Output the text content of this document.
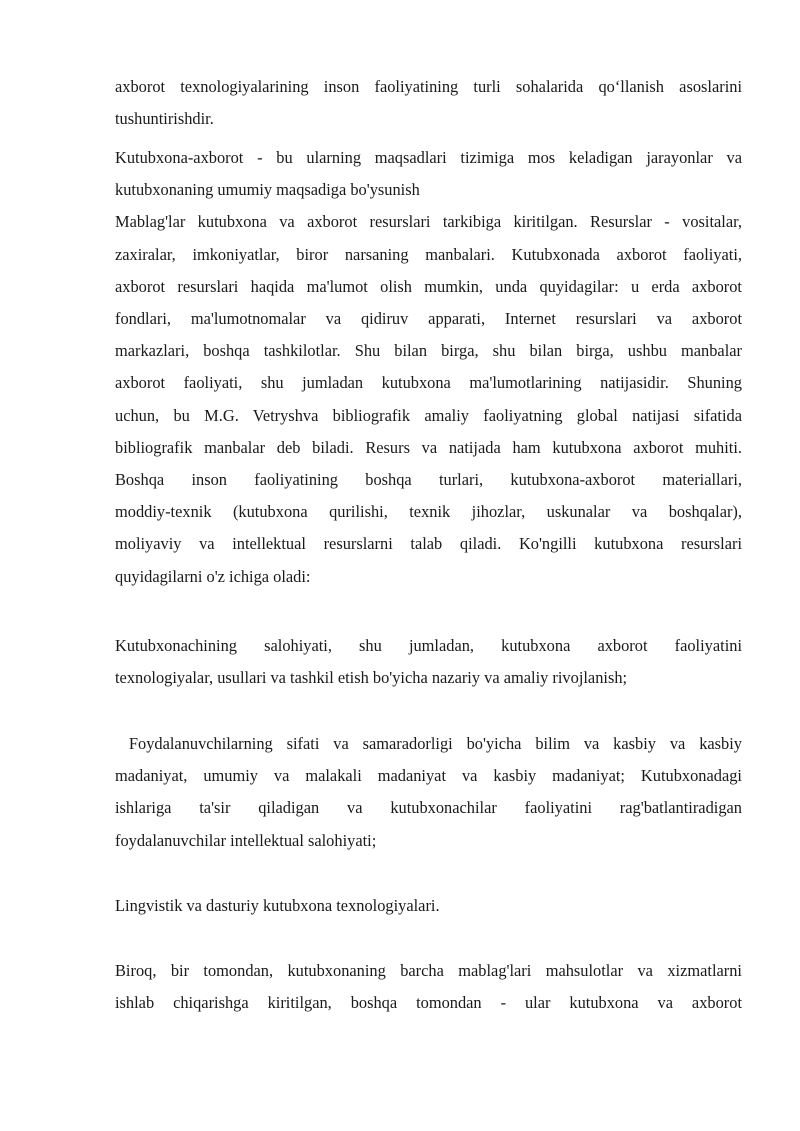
axborot texnologiyalarining inson faoliyatining turli sohalarida qo‘llanish asoslarini
tushuntirishdir.

Kutubxona-axborot - bu ularning maqsadlari tizimiga mos keladigan jarayonlar va
kutubxonaning umumiy maqsadiga bo'ysunish
Mablag'lar kutubxona va axborot resurslari tarkibiga kiritilgan. Resurslar - vositalar,
zaxiralar, imkoniyatlar, biror narsaning manbalari. Kutubxonada axborot faoliyati,
axborot resurslari haqida ma'lumot olish mumkin, unda quyidagilar: u erda axborot
fondlari, ma'lumotnomalar va qidiruv apparati, Internet resurslari va axborot
markazlari, boshqa tashkilotlar. Shu bilan birga, shu bilan birga, ushbu manbalar
axborot faoliyati, shu jumladan kutubxona ma'lumotlarining natijasidir. Shuning
uchun, bu M.G. Vetryshva bibliografik amaliy faoliyatning global natijasi sifatida
bibliografik manbalar deb biladi. Resurs va natijada ham kutubxona axborot muhiti.
Boshqa inson faoliyatining boshqa turlari, kutubxona-axborot materiallari,
moddiy-texnik (kutubxona qurilishi, texnik jihozlar, uskunalar va boshqalar),
moliyaviy va intellektual resurslarni talab qiladi. Ko'ngilli kutubxona resurslari
quyidagilarni o'z ichiga oladi:

Kutubxonachining salohiyati, shu jumladan, kutubxona axborot faoliyatini
texnologiyalar, usullari va tashkil etish bo'yicha nazariy va amaliy rivojlanish;

Foydalanuvchilarning sifati va samaradorligi bo'yicha bilim va kasbiy va kasbiy
madaniyat, umumiy va malakali madaniyat va kasbiy madaniyat; Kutubxonadagi
ishlariga ta'sir qiladigan va kutubxonachilar faoliyatini rag'batlantiradigan
foydalanuvchilar intellektual salohiyati;

Lingvistik va dasturiy kutubxona texnologiyalari.

Biroq, bir tomondan, kutubxonaning barcha mablag'lari mahsulotlar va xizmatlarni
ishlab chiqarishga kiritilgan, boshqa tomondan - ular kutubxona va axborot
